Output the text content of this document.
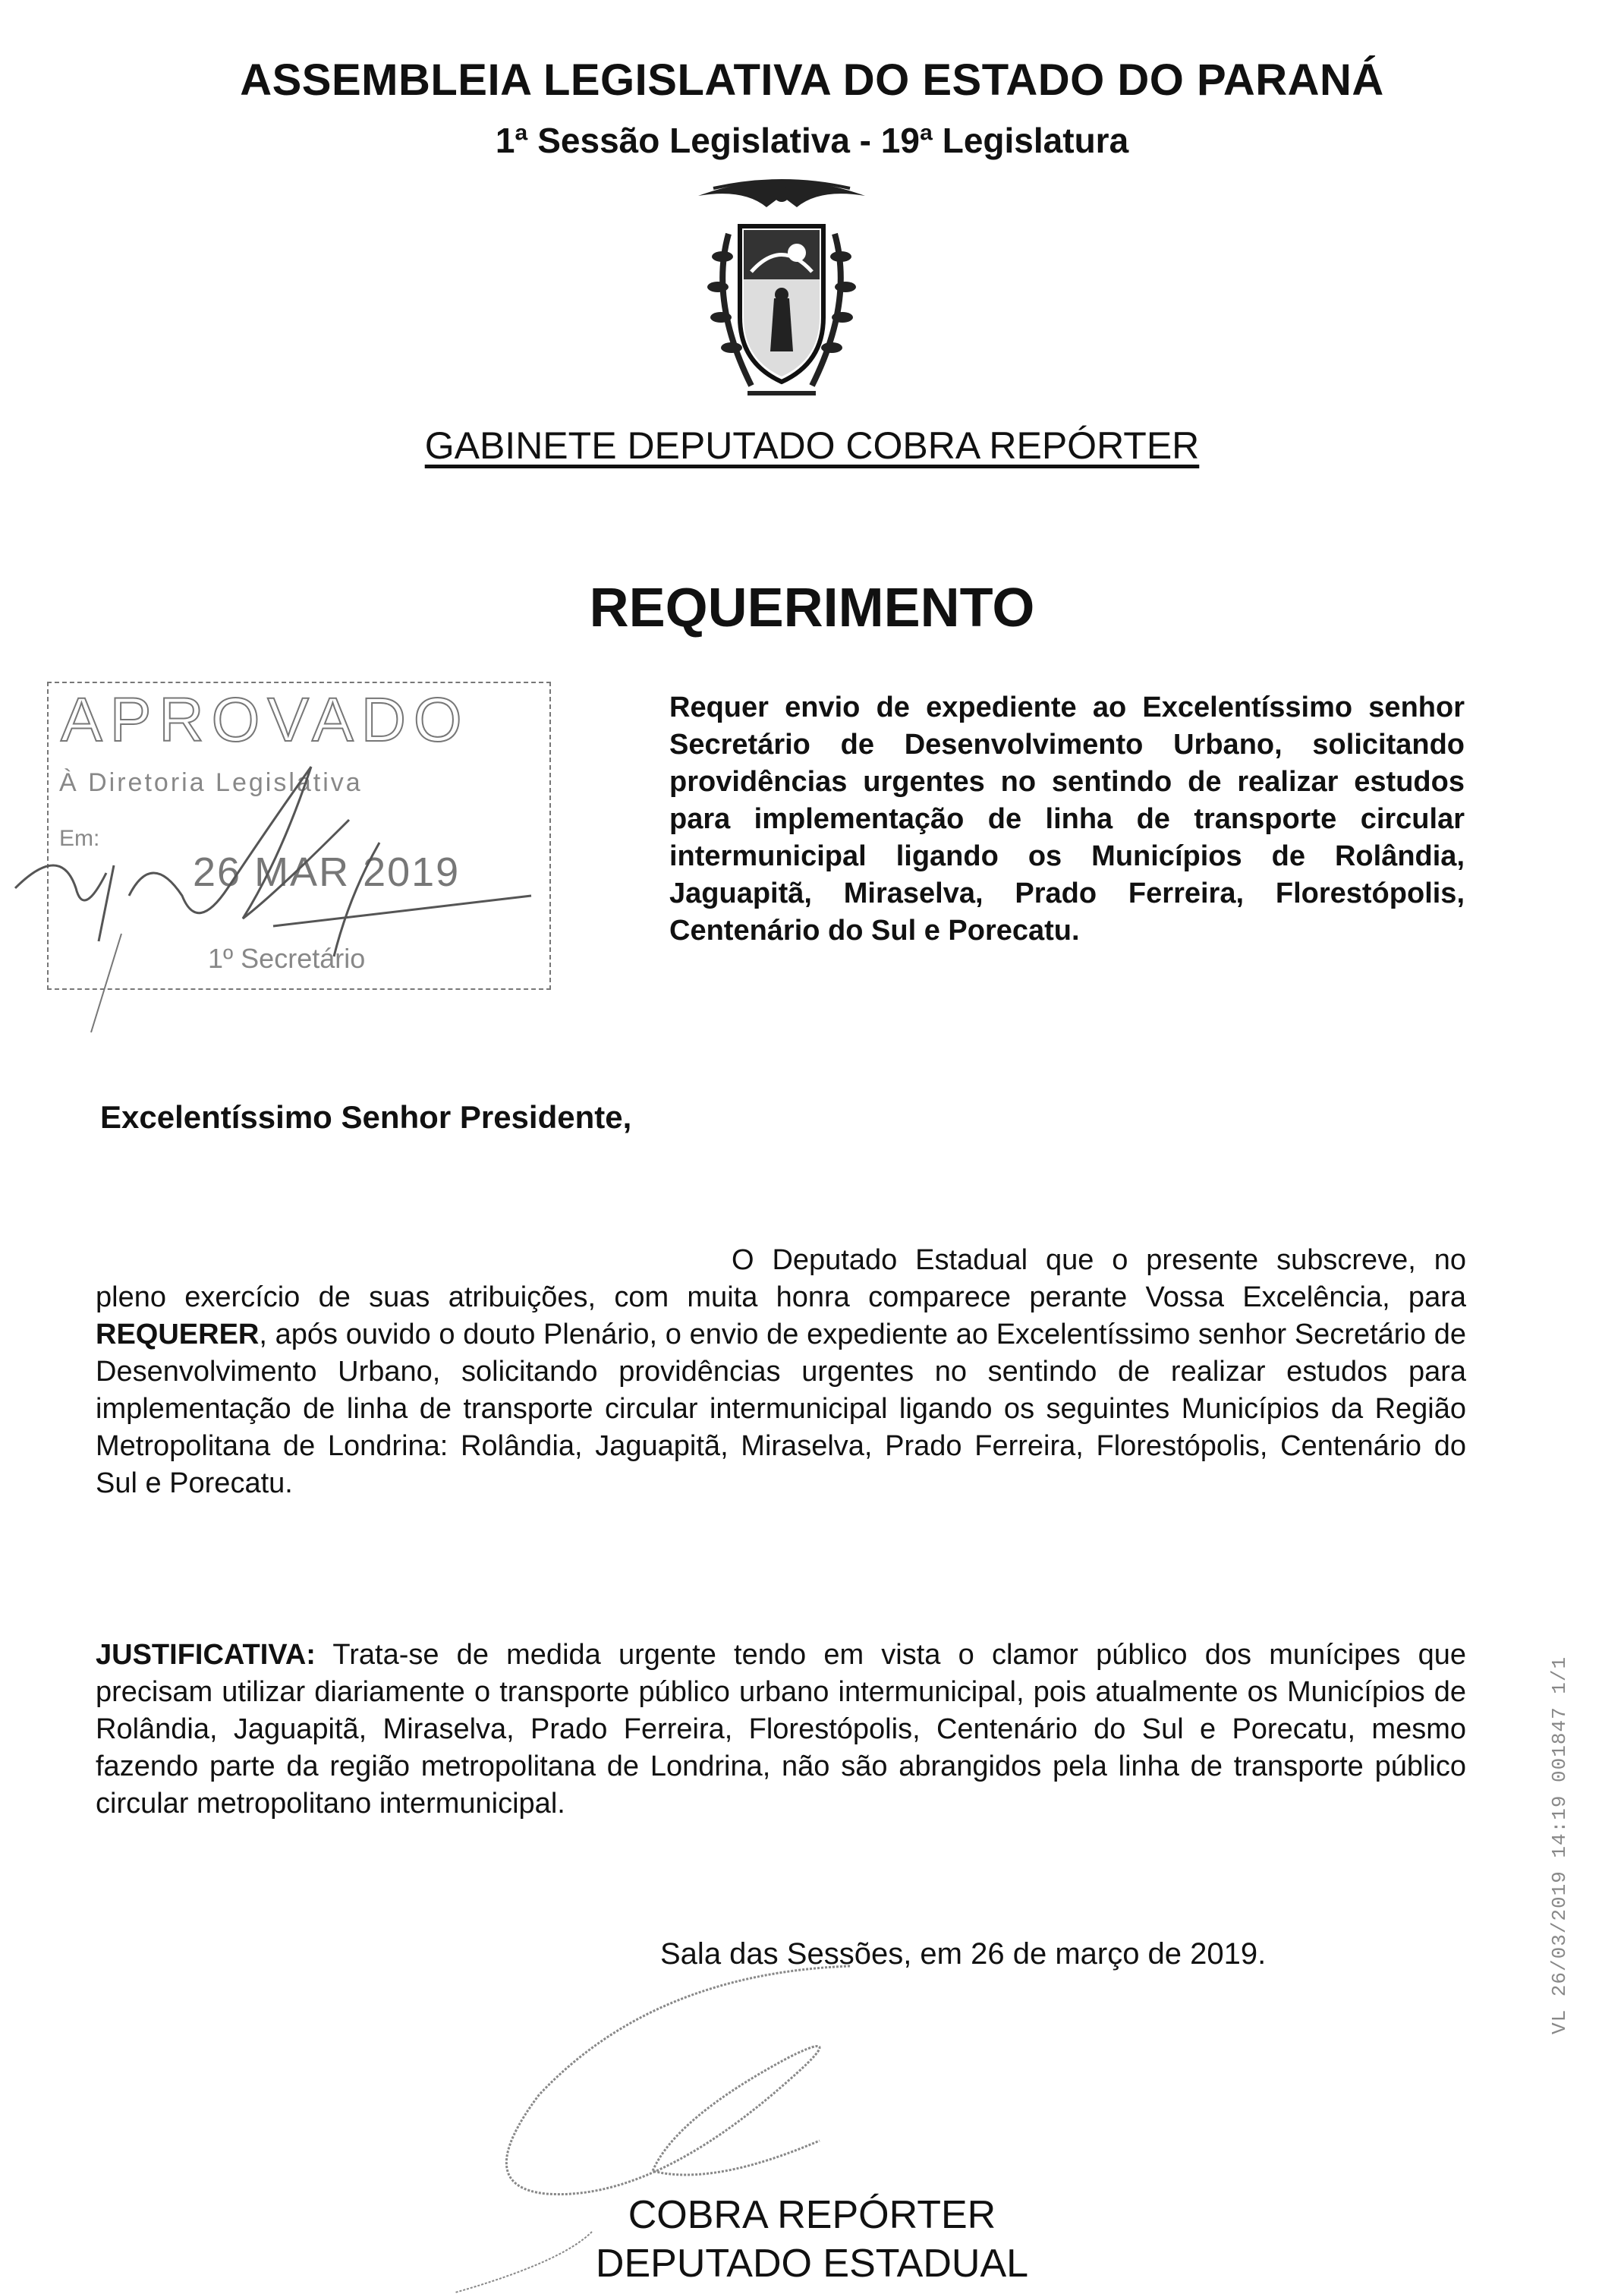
ASSEMBLEIA LEGISLATIVA DO ESTADO DO PARANÁ
1ª Sessão Legislativa - 19ª Legislatura
GABINETE DEPUTADO COBRA REPÓRTER
REQUERIMENTO
APROVADO
À Diretoria Legislativa
Em:
26 MAR 2019
1º Secretário
Requer envio de expediente ao Excelentíssimo senhor Secretário de Desenvolvimento Urbano, solicitando providências urgentes no sentindo de realizar estudos para implementação de linha de transporte circular intermunicipal ligando os Municípios de Rolândia, Jaguapitã, Miraselva, Prado Ferreira, Florestópolis, Centenário do Sul e Porecatu.
Excelentíssimo Senhor Presidente,
O Deputado Estadual que o presente subscreve, no pleno exercício de suas atribuições, com muita honra comparece perante Vossa Excelência, para REQUERER, após ouvido o douto Plenário, o envio de expediente ao Excelentíssimo senhor Secretário de Desenvolvimento Urbano, solicitando providências urgentes no sentindo de realizar estudos para implementação de linha de transporte circular intermunicipal ligando os seguintes Municípios da Região Metropolitana de Londrina: Rolândia, Jaguapitã, Miraselva, Prado Ferreira, Florestópolis, Centenário do Sul e Porecatu.
JUSTIFICATIVA: Trata-se de medida urgente tendo em vista o clamor público dos munícipes que precisam utilizar diariamente o transporte público urbano intermunicipal, pois atualmente os Municípios de Rolândia, Jaguapitã, Miraselva, Prado Ferreira, Florestópolis, Centenário do Sul e Porecatu, mesmo fazendo parte da região metropolitana de Londrina, não são abrangidos pela linha de transporte público circular metropolitano intermunicipal.
Sala das Sessões, em 26 de março de 2019.
COBRA REPÓRTER
DEPUTADO ESTADUAL
VL 26/03/2019 14:19 001847 1/1
